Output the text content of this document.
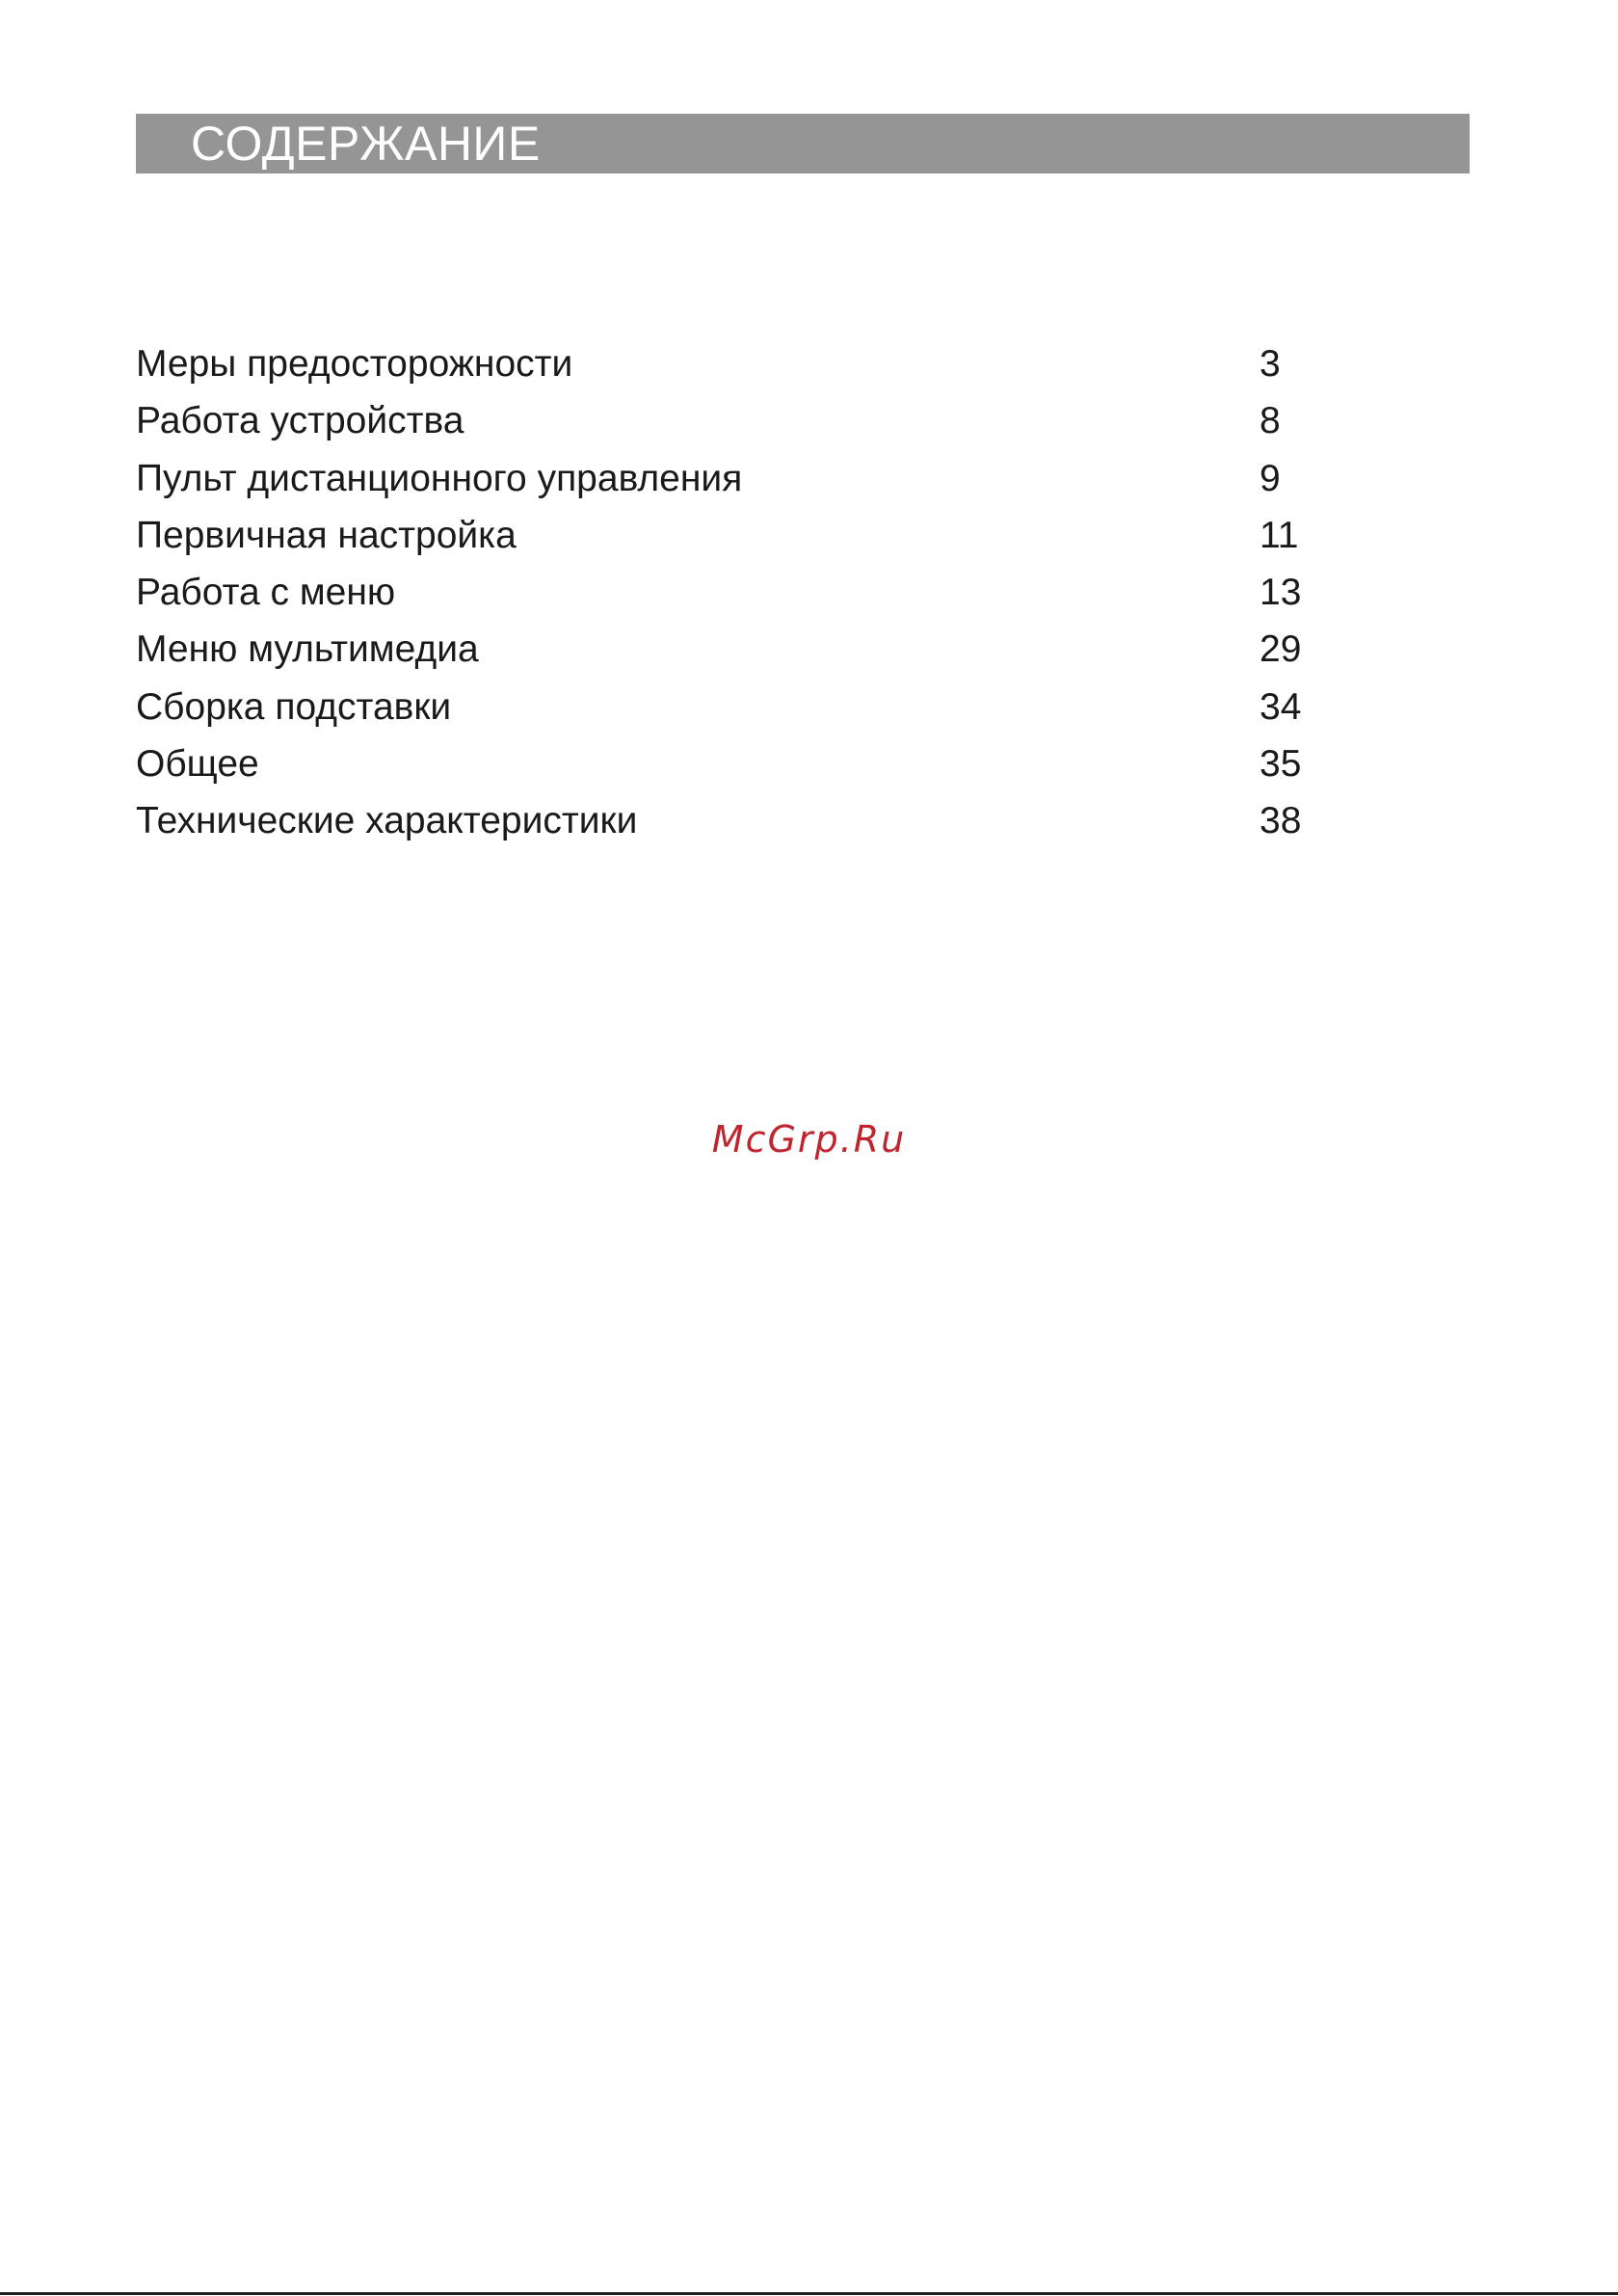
СОДЕРЖАНИЕ
Меры предосторожности	3
Работа устройства	8
Пульт дистанционного управления	9
Первичная настройка	11
Работа с меню	13
Меню мультимедиа	29
Сборка подставки	34
Общее	35
Технические характеристики	38
McGrp.Ru
